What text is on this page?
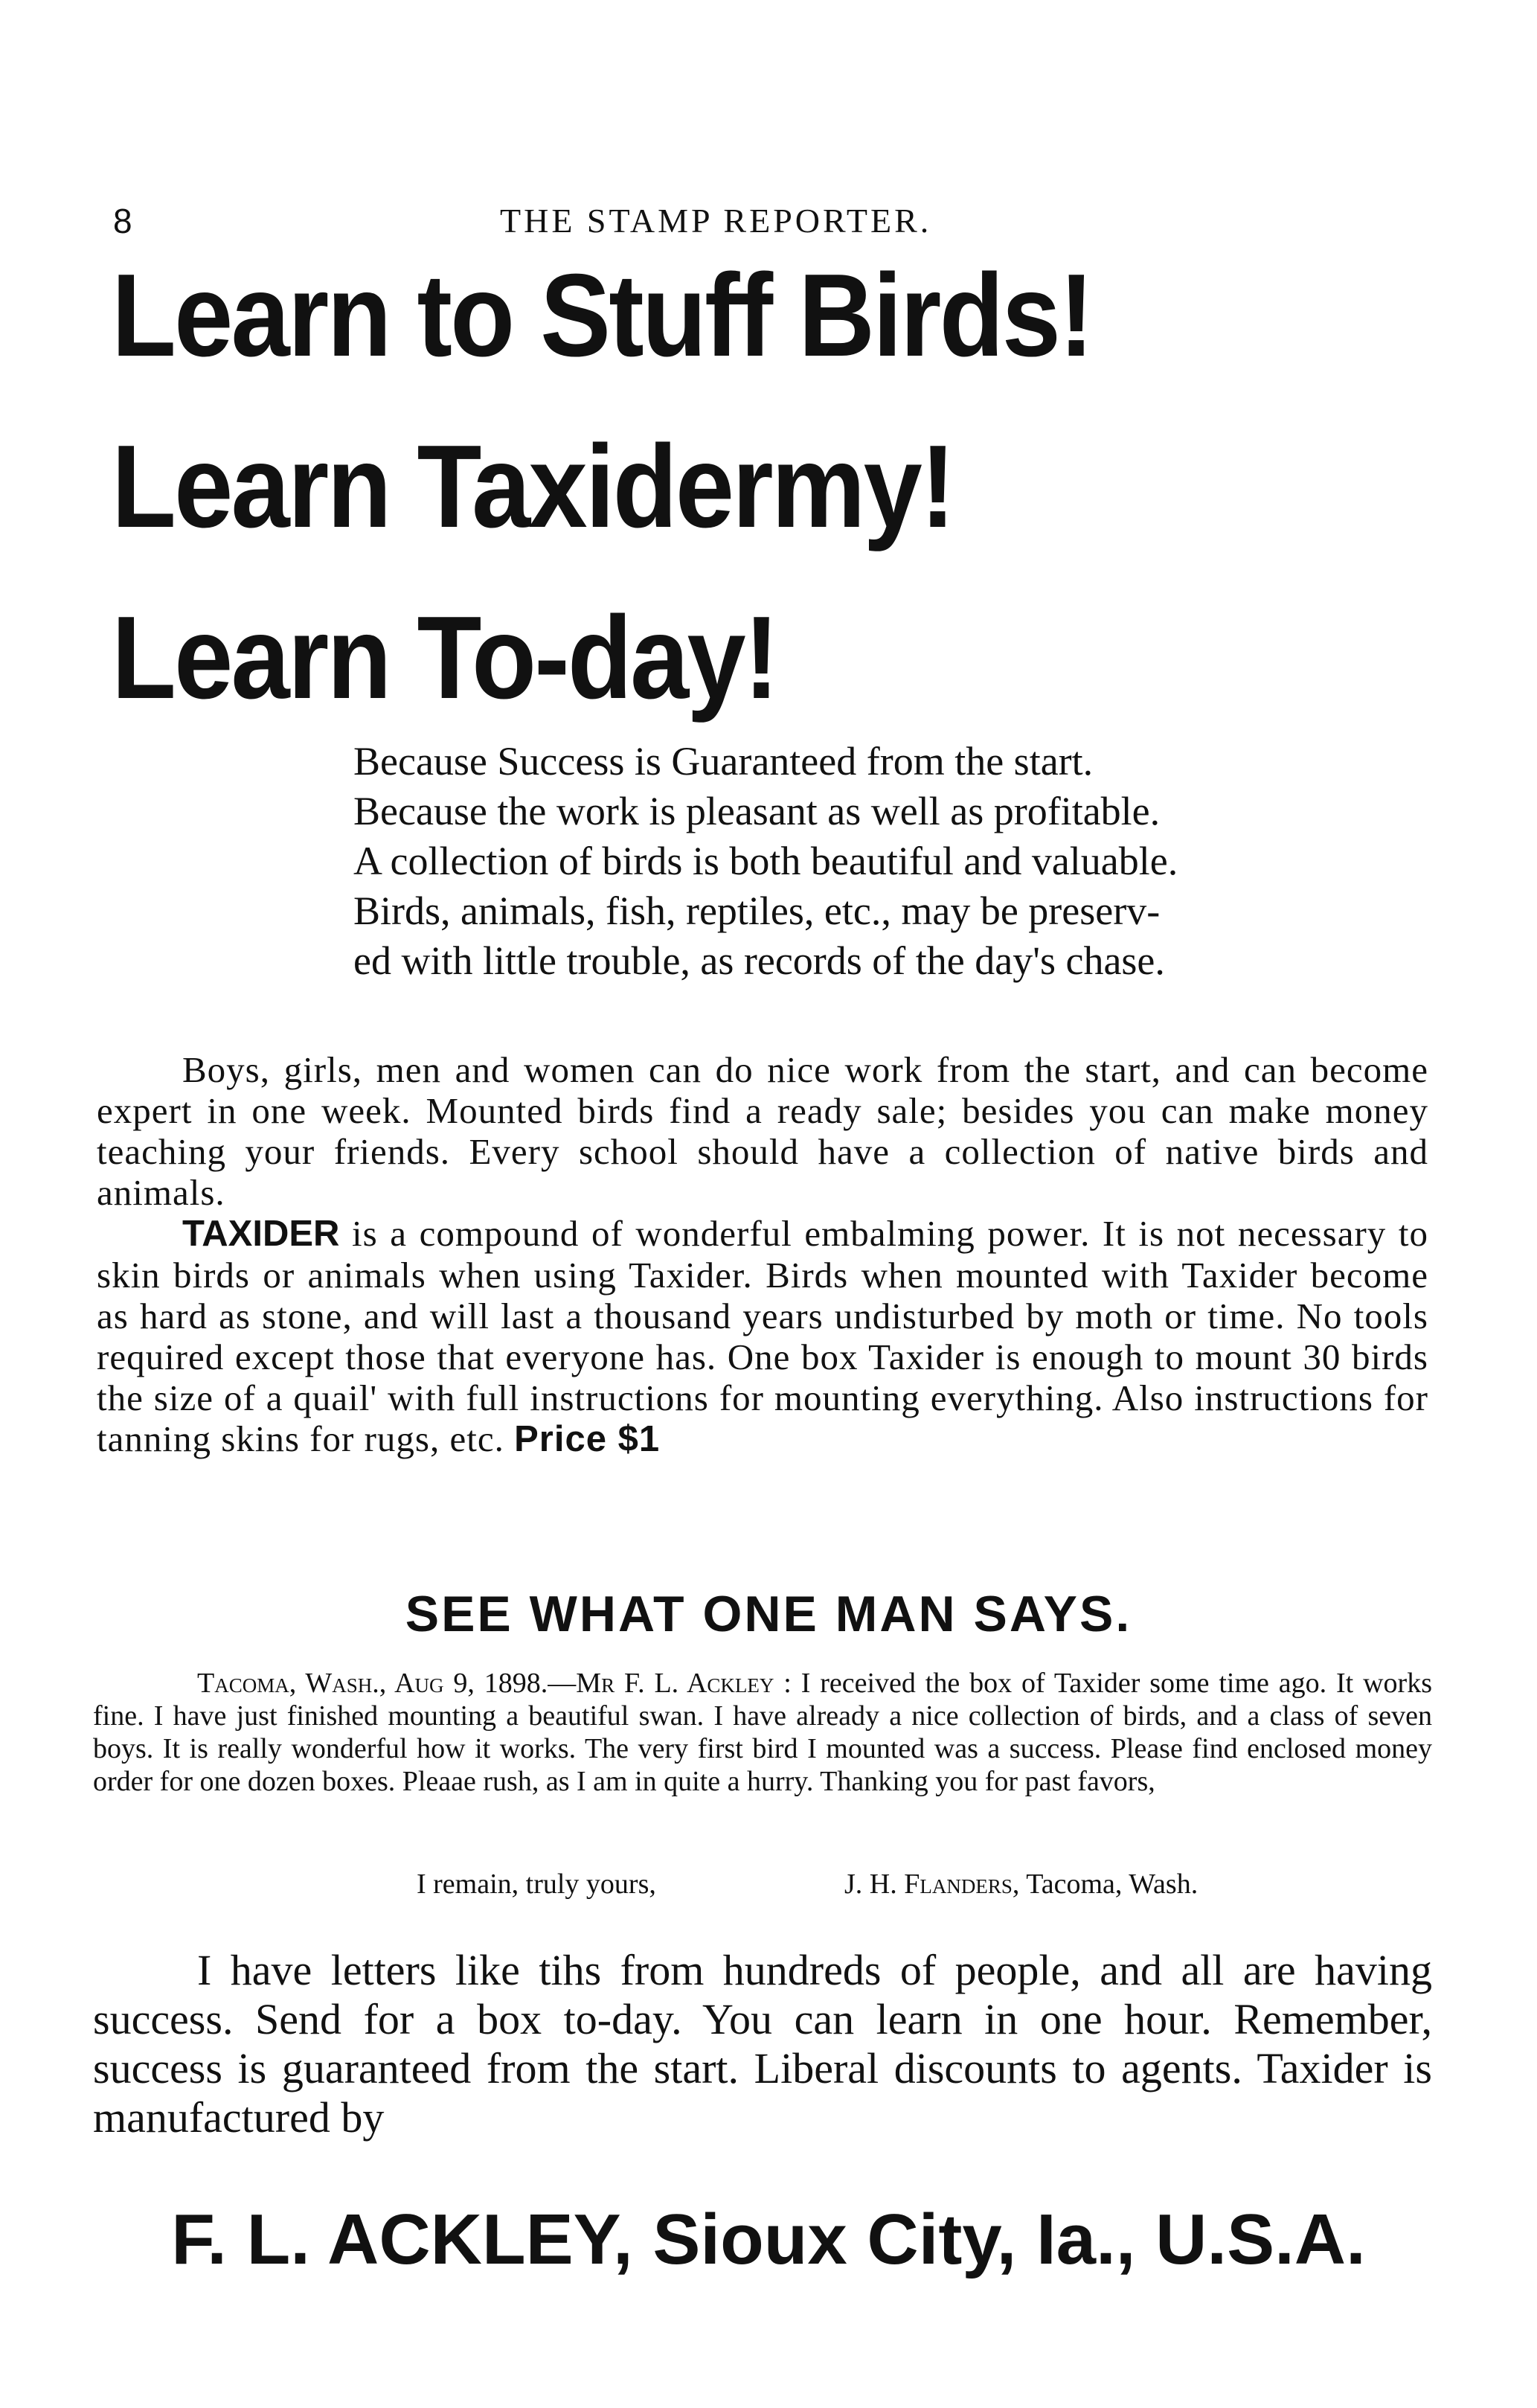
8	THE STAMP REPORTER.
Learn to Stuff Birds!
Learn Taxidermy!
Learn To-day!
Because Success is Guaranteed from the start.
Because the work is pleasant as well as profitable.
A collection of birds is both beautiful and valuable.
Birds, animals, fish, reptiles, etc., may be preserv-
ed with little trouble, as records of the day's chase.

Boys, girls, men and women can do nice work from the start, and can become expert in one week. Mounted birds find a ready sale; besides you can make money teaching your friends. Every school should have a collection of native birds and animals.

TAXIDER is a compound of wonderful embalming power. It is not necessary to skin birds or animals when using Taxider. Birds when mounted with Taxider become as hard as stone, and will last a thousand years undisturbed by moth or time. No tools required except those that everyone has. One box Taxider is enough to mount 30 birds the size of a quail' with full instructions for mounting everything. Also instructions for tanning skins for rugs, etc. Price $1

SEE WHAT ONE MAN SAYS.

Tacoma, Wash., Aug 9, 1898.—Mr F. L. Ackley : I received the box of Taxider some time ago. It works fine. I have just finished mounting a beautiful swan. I have already a nice collection of birds, and a class of seven boys. It is really wonderful how it works. The very first bird I mounted was a success. Please find enclosed money order for one dozen boxes. Pleaae rush, as I am in quite a hurry. Thanking you for past favors,

I remain, truly yours,	J. H. Flanders, Tacoma, Wash.

I have letters like tihs from hundreds of people, and all are having success. Send for a box to-day. You can learn in one hour. Remember, success is guaranteed from the start. Liberal discounts to agents. Taxider is manufactured by

F. L. ACKLEY, Sioux City, Ia., U.S.A.
